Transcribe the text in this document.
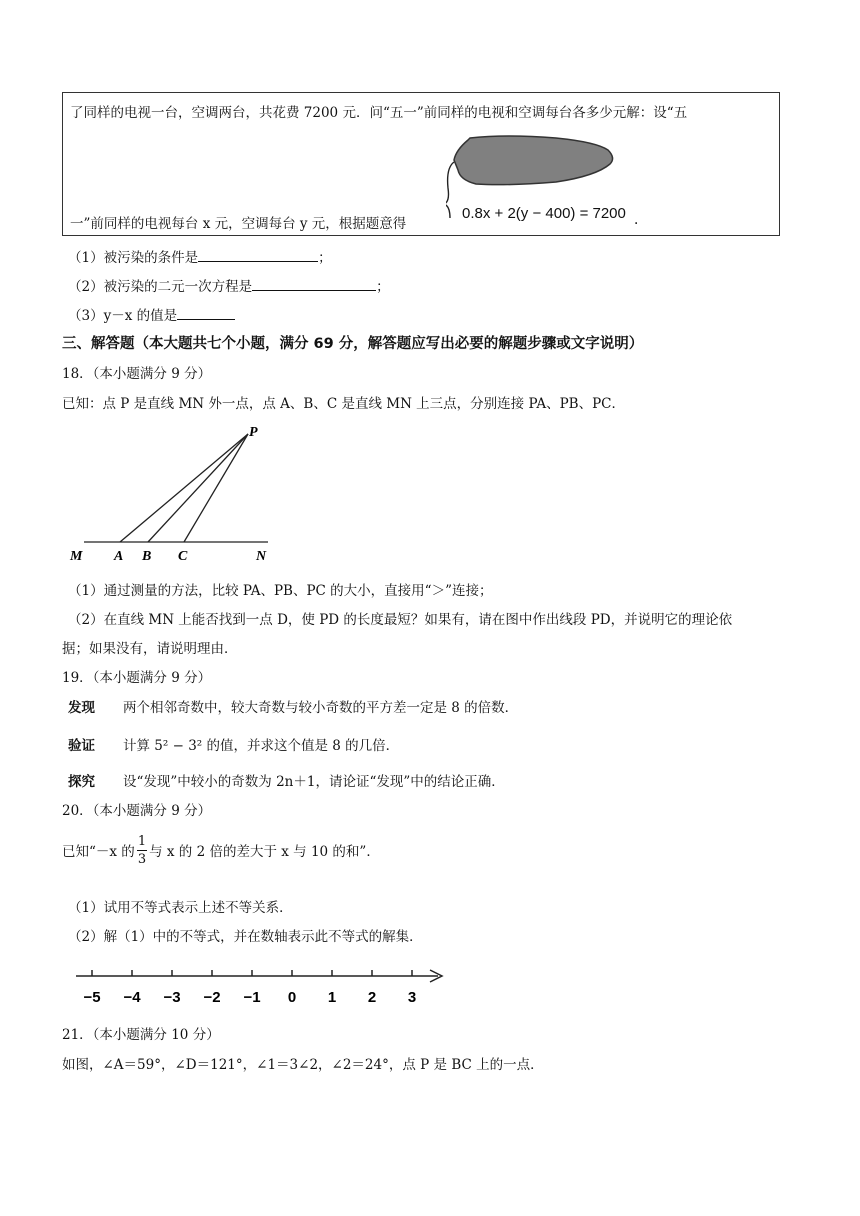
了同样的电视一台，空调两台，共花费 7200 元．问“五一”前同样的电视和空调每台各多少元解：设“五
一”前同样的电视每台 x 元，空调每台 y 元，根据题意得
0.8x + 2(y − 400) = 7200 .
（1）被污染的条件是	；
（2）被污染的二元一次方程是	；
（3）y－x 的值是
三、解答题（本大题共七个小题，满分 69 分，解答题应写出必要的解题步骤或文字说明）
18．（本小题满分 9 分）
已知：点 P 是直线 MN 外一点，点 A、B、C 是直线 MN 上三点，分别连接 PA、PB、PC．
P
M A B C	N
（1）通过测量的方法，比较 PA、PB、PC 的大小，直接用“＞”连接；
（2）在直线 MN 上能否找到一点 D，使 PD 的长度最短？如果有，请在图中作出线段 PD，并说明它的理论依
据；如果没有，请说明理由．
19．（本小题满分 9 分）
发现 两个相邻奇数中，较大奇数与较小奇数的平方差一定是 8 的倍数．
验证 计算 5² − 3² 的值，并求这个值是 8 的几倍．
探究 设“发现”中较小的奇数为 2n＋1，请论证“发现”中的结论正确．
20．（本小题满分 9 分）
已知“－x 的 $\frac{1}{3}$ 与 x 的 2 倍的差大于 x 与 10 的和”．
（1）试用不等式表示上述不等关系．
（2）解（1）中的不等式，并在数轴表示此不等式的解集．
−5 −4 −3 −2 −1 0 1 2 3
21．（本小题满分 10 分）
如图，∠A＝59°，∠D＝121°，∠1＝3∠2，∠2＝24°，点 P 是 BC 上的一点．
